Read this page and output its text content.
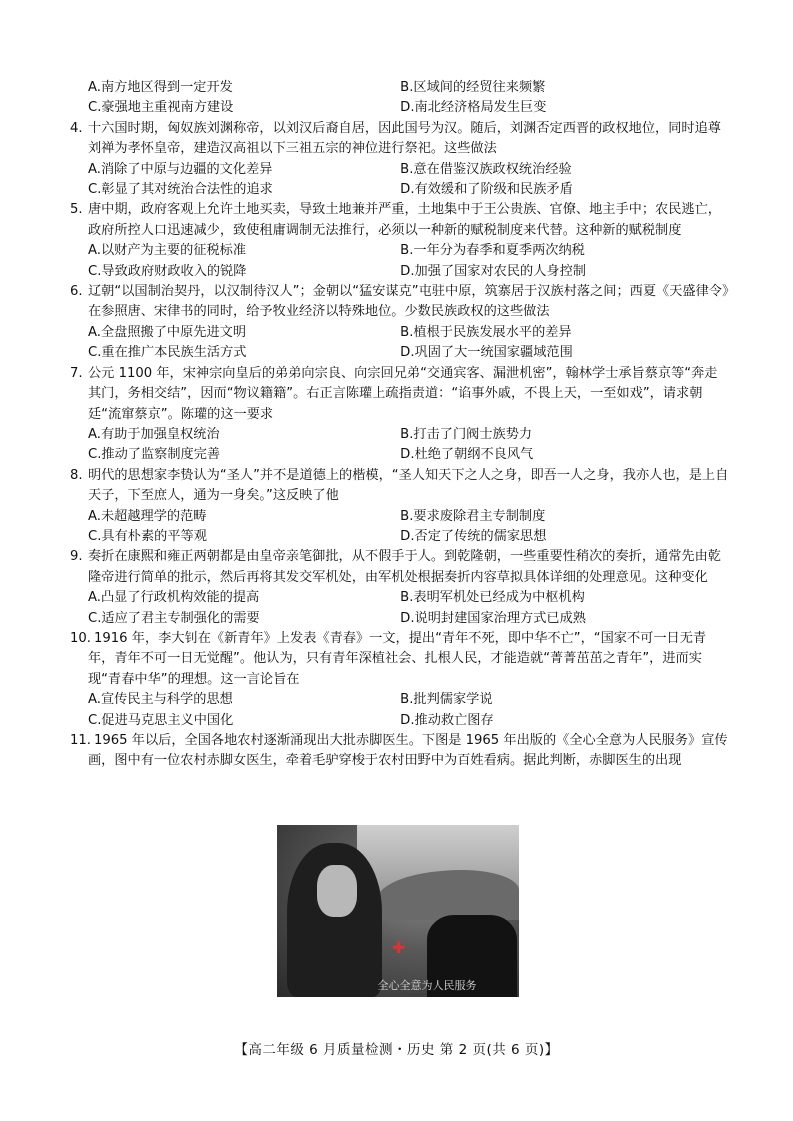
A.南方地区得到一定开发	B.区域间的经贸往来频繁
C.豪强地主重视南方建设	D.南北经济格局发生巨变
4. 十六国时期，匈奴族刘渊称帝，以刘汉后裔自居，因此国号为汉。随后，刘渊否定西晋的政权地位，同时追尊刘禅为孝怀皇帝，建造汉高祖以下三祖五宗的神位进行祭祀。这些做法
A.消除了中原与边疆的文化差异	B.意在借鉴汉族政权统治经验
C.彰显了其对统治合法性的追求	D.有效缓和了阶级和民族矛盾
5. 唐中期，政府客观上允许土地买卖，导致土地兼并严重，土地集中于王公贵族、官僚、地主手中；农民逃亡，政府所控人口迅速减少，致使租庸调制无法推行，必须以一种新的赋税制度来代替。这种新的赋税制度
A.以财产为主要的征税标准	B.一年分为春季和夏季两次纳税
C.导致政府财政收入的锐降	D.加强了国家对农民的人身控制
6. 辽朝“以国制治契丹，以汉制待汉人”；金朝以“猛安谋克”屯驻中原，筑寨居于汉族村落之间；西夏《天盛律令》在参照唐、宋律书的同时，给予牧业经济以特殊地位。少数民族政权的这些做法
A.全盘照搬了中原先进文明	B.植根于民族发展水平的差异
C.重在推广本民族生活方式	D.巩固了大一统国家疆域范围
7. 公元 1100 年，宋神宗向皇后的弟弟向宗良、向宗回兄弟“交通宾客、漏泄机密”，翰林学士承旨蔡京等“奔走其门，务相交结”，因而“物议籍籍”。右正言陈瓘上疏指责道：“谄事外戚，不畏上天，一至如戏”，请求朝廷“流窜蔡京”。陈瓘的这一要求
A.有助于加强皇权统治	B.打击了门阀士族势力
C.推动了监察制度完善	D.杜绝了朝纲不良风气
8. 明代的思想家李贽认为“圣人”并不是道德上的楷模，“圣人知天下之人之身，即吾一人之身，我亦人也，是上自天子，下至庶人，通为一身矣。”这反映了他
A.未超越理学的范畴	B.要求废除君主专制制度
C.具有朴素的平等观	D.否定了传统的儒家思想
9. 奏折在康熙和雍正两朝都是由皇帝亲笔御批，从不假手于人。到乾隆朝，一些重要性稍次的奏折，通常先由乾隆帝进行简单的批示，然后再将其发交军机处，由军机处根据奏折内容草拟具体详细的处理意见。这种变化
A.凸显了行政机构效能的提高	B.表明军机处已经成为中枢机构
C.适应了君主专制强化的需要	D.说明封建国家治理方式已成熟
10. 1916 年，李大钊在《新青年》上发表《青春》一文，提出“青年不死，即中华不亡”，“国家不可一日无青年，青年不可一日无觉醒”。他认为，只有青年深植社会、扎根人民，才能造就“菁菁茁茁之青年”，进而实现“青春中华”的理想。这一言论旨在
A.宣传民主与科学的思想	B.批判儒家学说
C.促进马克思主义中国化	D.推动救亡图存
11. 1965 年以后，全国各地农村逐渐涌现出大批赤脚医生。下图是 1965 年出版的《全心全意为人民服务》宣传画，图中有一位农村赤脚女医生，牵着毛驴穿梭于农村田野中为百姓看病。据此判断，赤脚医生的出现
✚
全心全意为人民服务
【高二年级 6 月质量检测・历史 第 2 页(共 6 页)】
